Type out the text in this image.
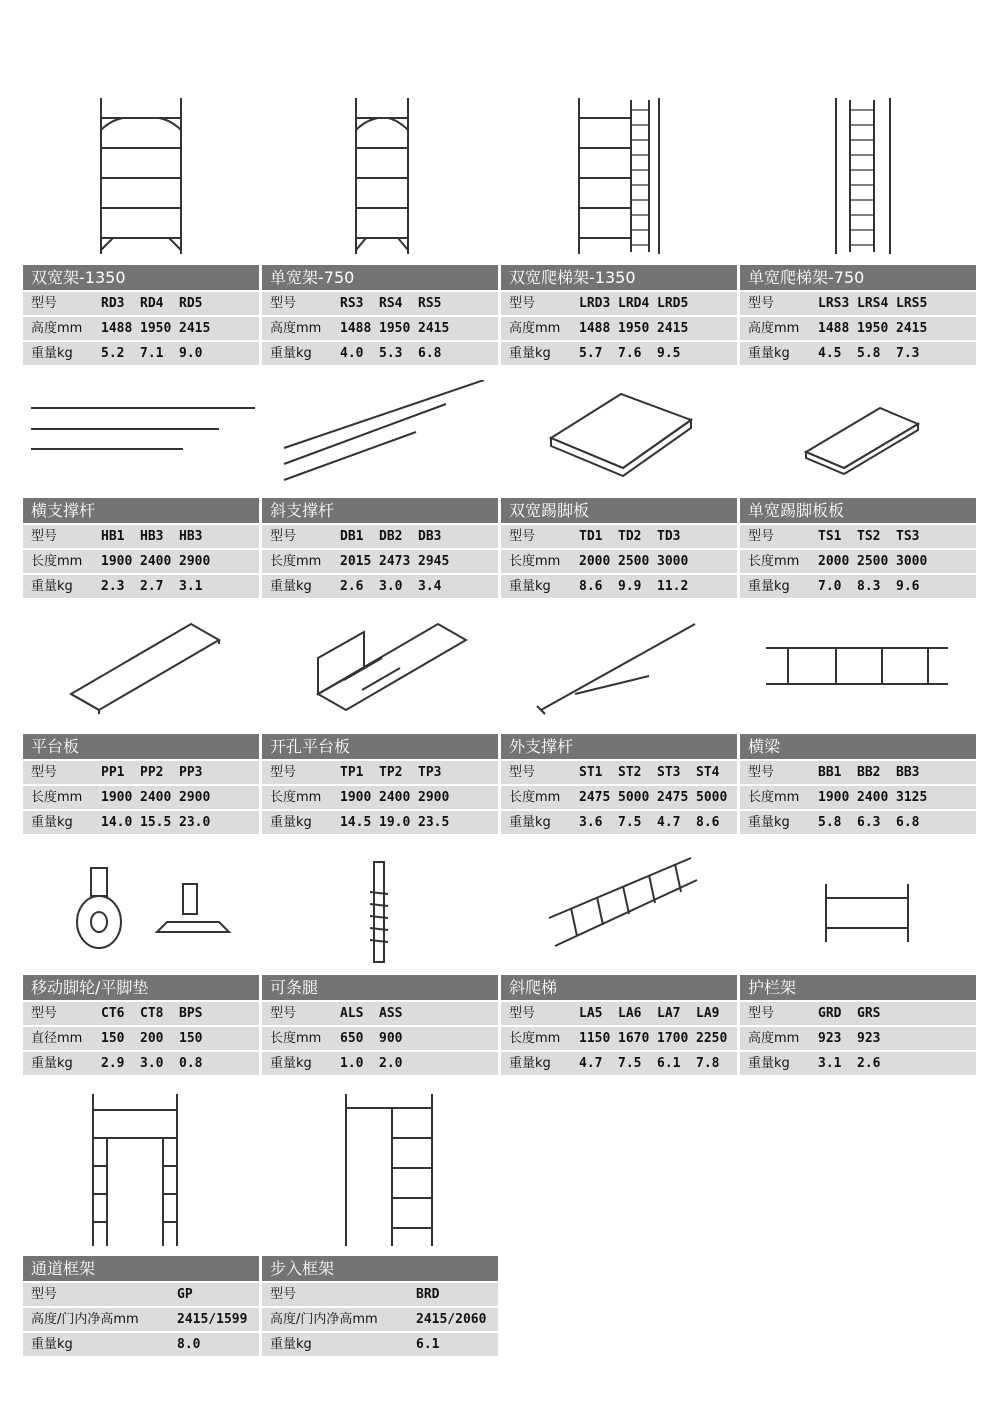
双宽架-1350
型号	RD3 RD4 RD5
高度mm 1488 1950 2415
重量kg 5.2 7.1 9.0
单宽架-750
型号	RS3 RS4 RS5
高度mm 1488 1950 2415
重量kg 4.0 5.3 6.8
双宽爬梯架-1350
型号	LRD3 LRD4 LRD5
高度mm 1488 1950 2415
重量kg 5.7 7.6 9.5
单宽爬梯架-750
型号	LRS3 LRS4 LRS5
高度mm 1488 1950 2415
重量kg 4.5 5.8 7.3
横支撑杆
型号	HB1 HB3 HB3
长度mm 1900 2400 2900
重量kg 2.3 2.7 3.1
斜支撑杆
型号	DB1 DB2 DB3
长度mm 2015 2473 2945
重量kg 2.6 3.0 3.4
双宽踢脚板
型号	TD1 TD2 TD3
长度mm 2000 2500 3000
重量kg 8.6 9.9 11.2
单宽踢脚板板
型号	TS1 TS2 TS3
长度mm 2000 2500 3000
重量kg 7.0 8.3 9.6
平台板
型号	PP1 PP2 PP3
长度mm 1900 2400 2900
重量kg 14.0 15.5 23.0
开孔平台板
型号	TP1 TP2 TP3
长度mm 1900 2400 2900
重量kg 14.5 19.0 23.5
外支撑杆
型号	ST1 ST2 ST3 ST4
长度mm 2475 5000 2475 5000
重量kg 3.6 7.5 4.7 8.6
横梁
型号	BB1 BB2 BB3
长度mm 1900 2400 3125
重量kg 5.8 6.3 6.8
移动脚轮/平脚垫
型号	CT6 CT8 BPS
直径mm 150 200 150
重量kg 2.9 3.0 0.8
可条腿
型号	ALS ASS
长度mm 650 900
重量kg 1.0 2.0
斜爬梯
型号	LA5 LA6 LA7 LA9
长度mm 1150 1670 1700 2250
重量kg 4.7 7.5 6.1 7.8
护栏架
型号	GRD GRS
高度mm 923 923
重量kg 3.1 2.6
通道框架
型号	GP
高度/门内净高mm	2415/1599
重量kg	8.0
步入框架
型号	BRD
高度/门内净高mm	2415/2060
重量kg	6.1
